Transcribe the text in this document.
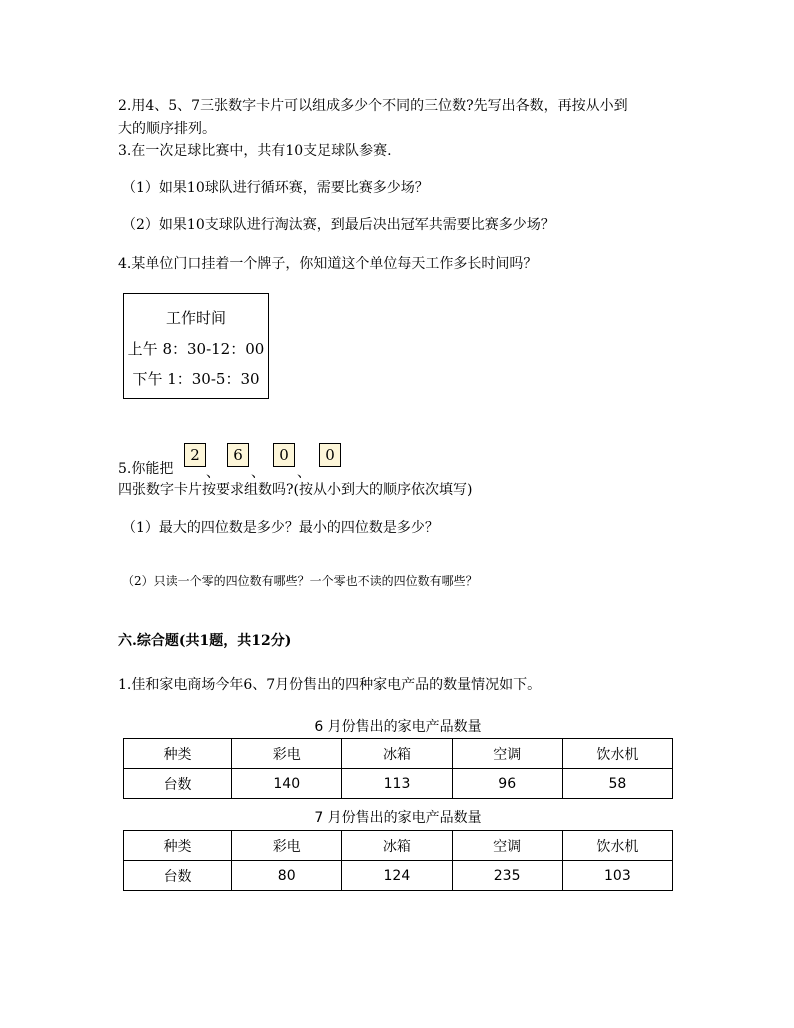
2.用4、5、7三张数字卡片可以组成多少个不同的三位数?先写出各数，再按从小到
大的顺序排列。
3.在一次足球比赛中，共有10支足球队参赛.
（1）如果10球队进行循环赛，需要比赛多少场？
（2）如果10支球队进行淘汰赛，到最后决出冠军共需要比赛多少场？
4.某单位门口挂着一个牌子，你知道这个单位每天工作多长时间吗？
工作时间
上午 8：30-12：00
下午 1：30-5：30
5.你能把
2
、
6
、
0
、
0
四张数字卡片按要求组数吗?(按从小到大的顺序依次填写)
（1）最大的四位数是多少？最小的四位数是多少？
（2）只读一个零的四位数有哪些？一个零也不读的四位数有哪些？
六.综合题(共1题，共12分)
1.佳和家电商场今年6、7月份售出的四种家电产品的数量情况如下。
6 月份售出的家电产品数量
种类	彩电	冰箱	空调	饮水机
台数	140	113	96	58
7 月份售出的家电产品数量
种类	彩电	冰箱	空调	饮水机
台数	80	124	235	103
